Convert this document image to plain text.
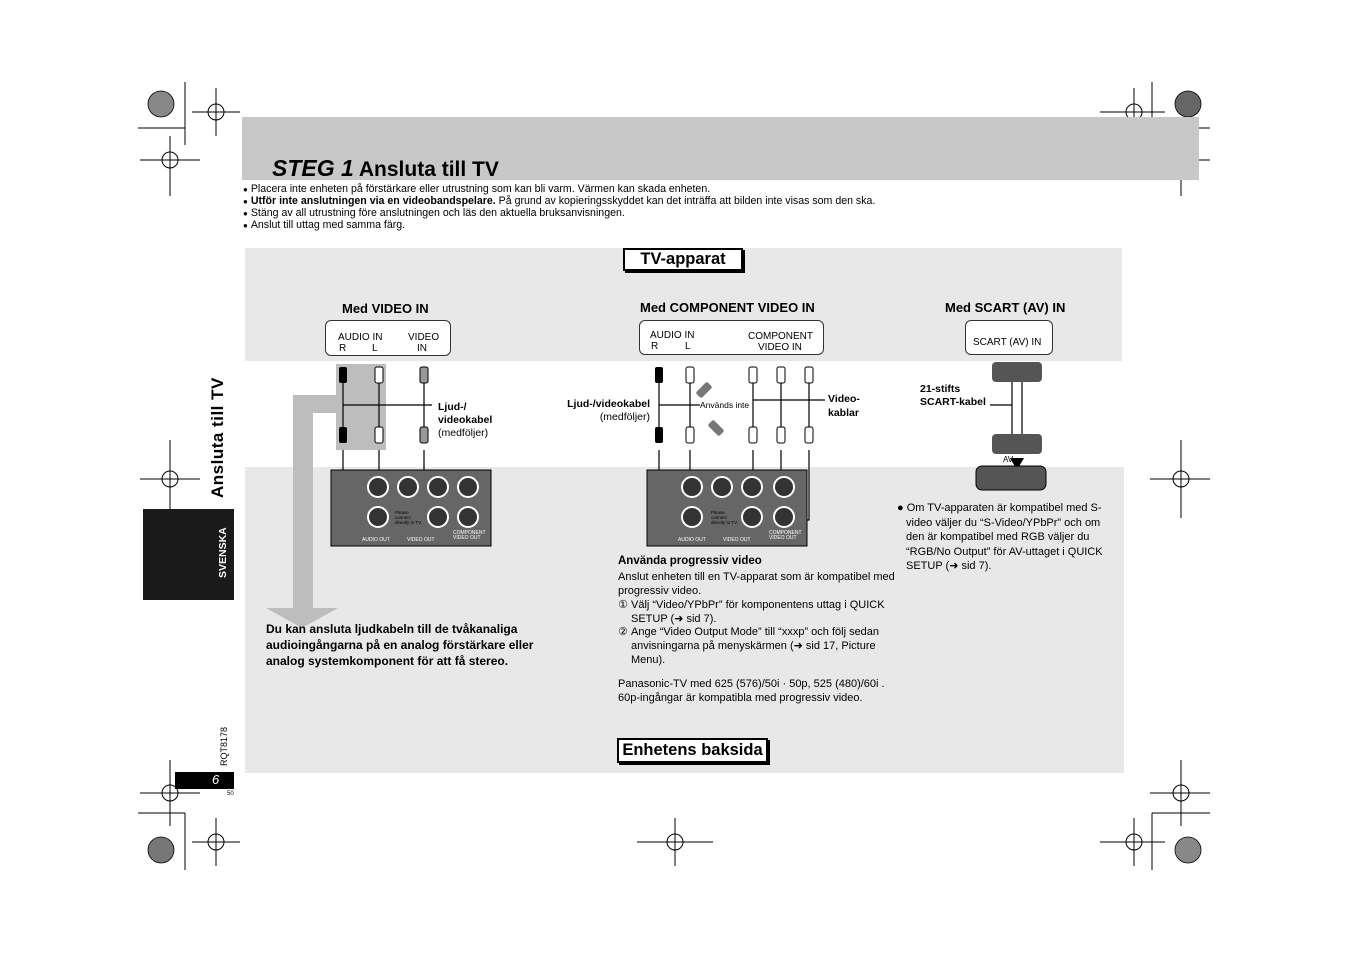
STEG 1 Ansluta till TV
● Placera inte enheten på förstärkare eller utrustning som kan bli varm. Värmen kan skada enheten.
● Utför inte anslutningen via en videobandspelare. På grund av kopieringsskyddet kan det inträffa att bilden inte visas som den ska.
● Stäng av all utrustning före anslutningen och läs den aktuella bruksanvisningen.
● Anslut till uttag med samma färg.
TV-apparat
Enhetens baksida
Ansluta till TV
SVENSKA
RQT8178
6
50
Med VIDEO IN	Med COMPONENT VIDEO IN	Med SCART (AV) IN
AUDIO IN
R	L
VIDEO
IN
AUDIO IN
R	L
COMPONENT
VIDEO IN	SCART (AV) IN
AUDIO OUT	VIDEO OUT
COMPONENT VIDEO OUT
Please connect directly to TV.
AUDIO OUT	VIDEO OUT
COMPONENT VIDEO OUT
Please connect directly to TV.
Ljud-/
videokabel
(medföljer)
Ljud-/videokabel
(medföljer)
Används inte	Video-
kablar
21-stifts
SCART-kabel
AV
● Om TV-apparaten är kompatibel med S-video väljer du “S-Video/YPbPr” och om den är kompatibel med RGB väljer du “RGB/No Output” för AV-uttaget i QUICK SETUP (➜ sid 7).
Du kan ansluta ljudkabeln till de tvåkanaliga audioingångarna på en analog förstärkare eller analog systemkomponent för att få stereo.
Använda progressiv video
Anslut enheten till en TV-apparat som är kompatibel med progressiv video.
① Välj “Video/YPbPr” för komponentens uttag i QUICK SETUP (➜ sid 7).
② Ange “Video Output Mode” till “xxxp” och följ sedan anvisningarna på menyskärmen (➜ sid 17, Picture Menu).
Panasonic-TV med 625 (576)/50i · 50p, 525 (480)/60i . 60p-ingångar är kompatibla med progressiv video.
